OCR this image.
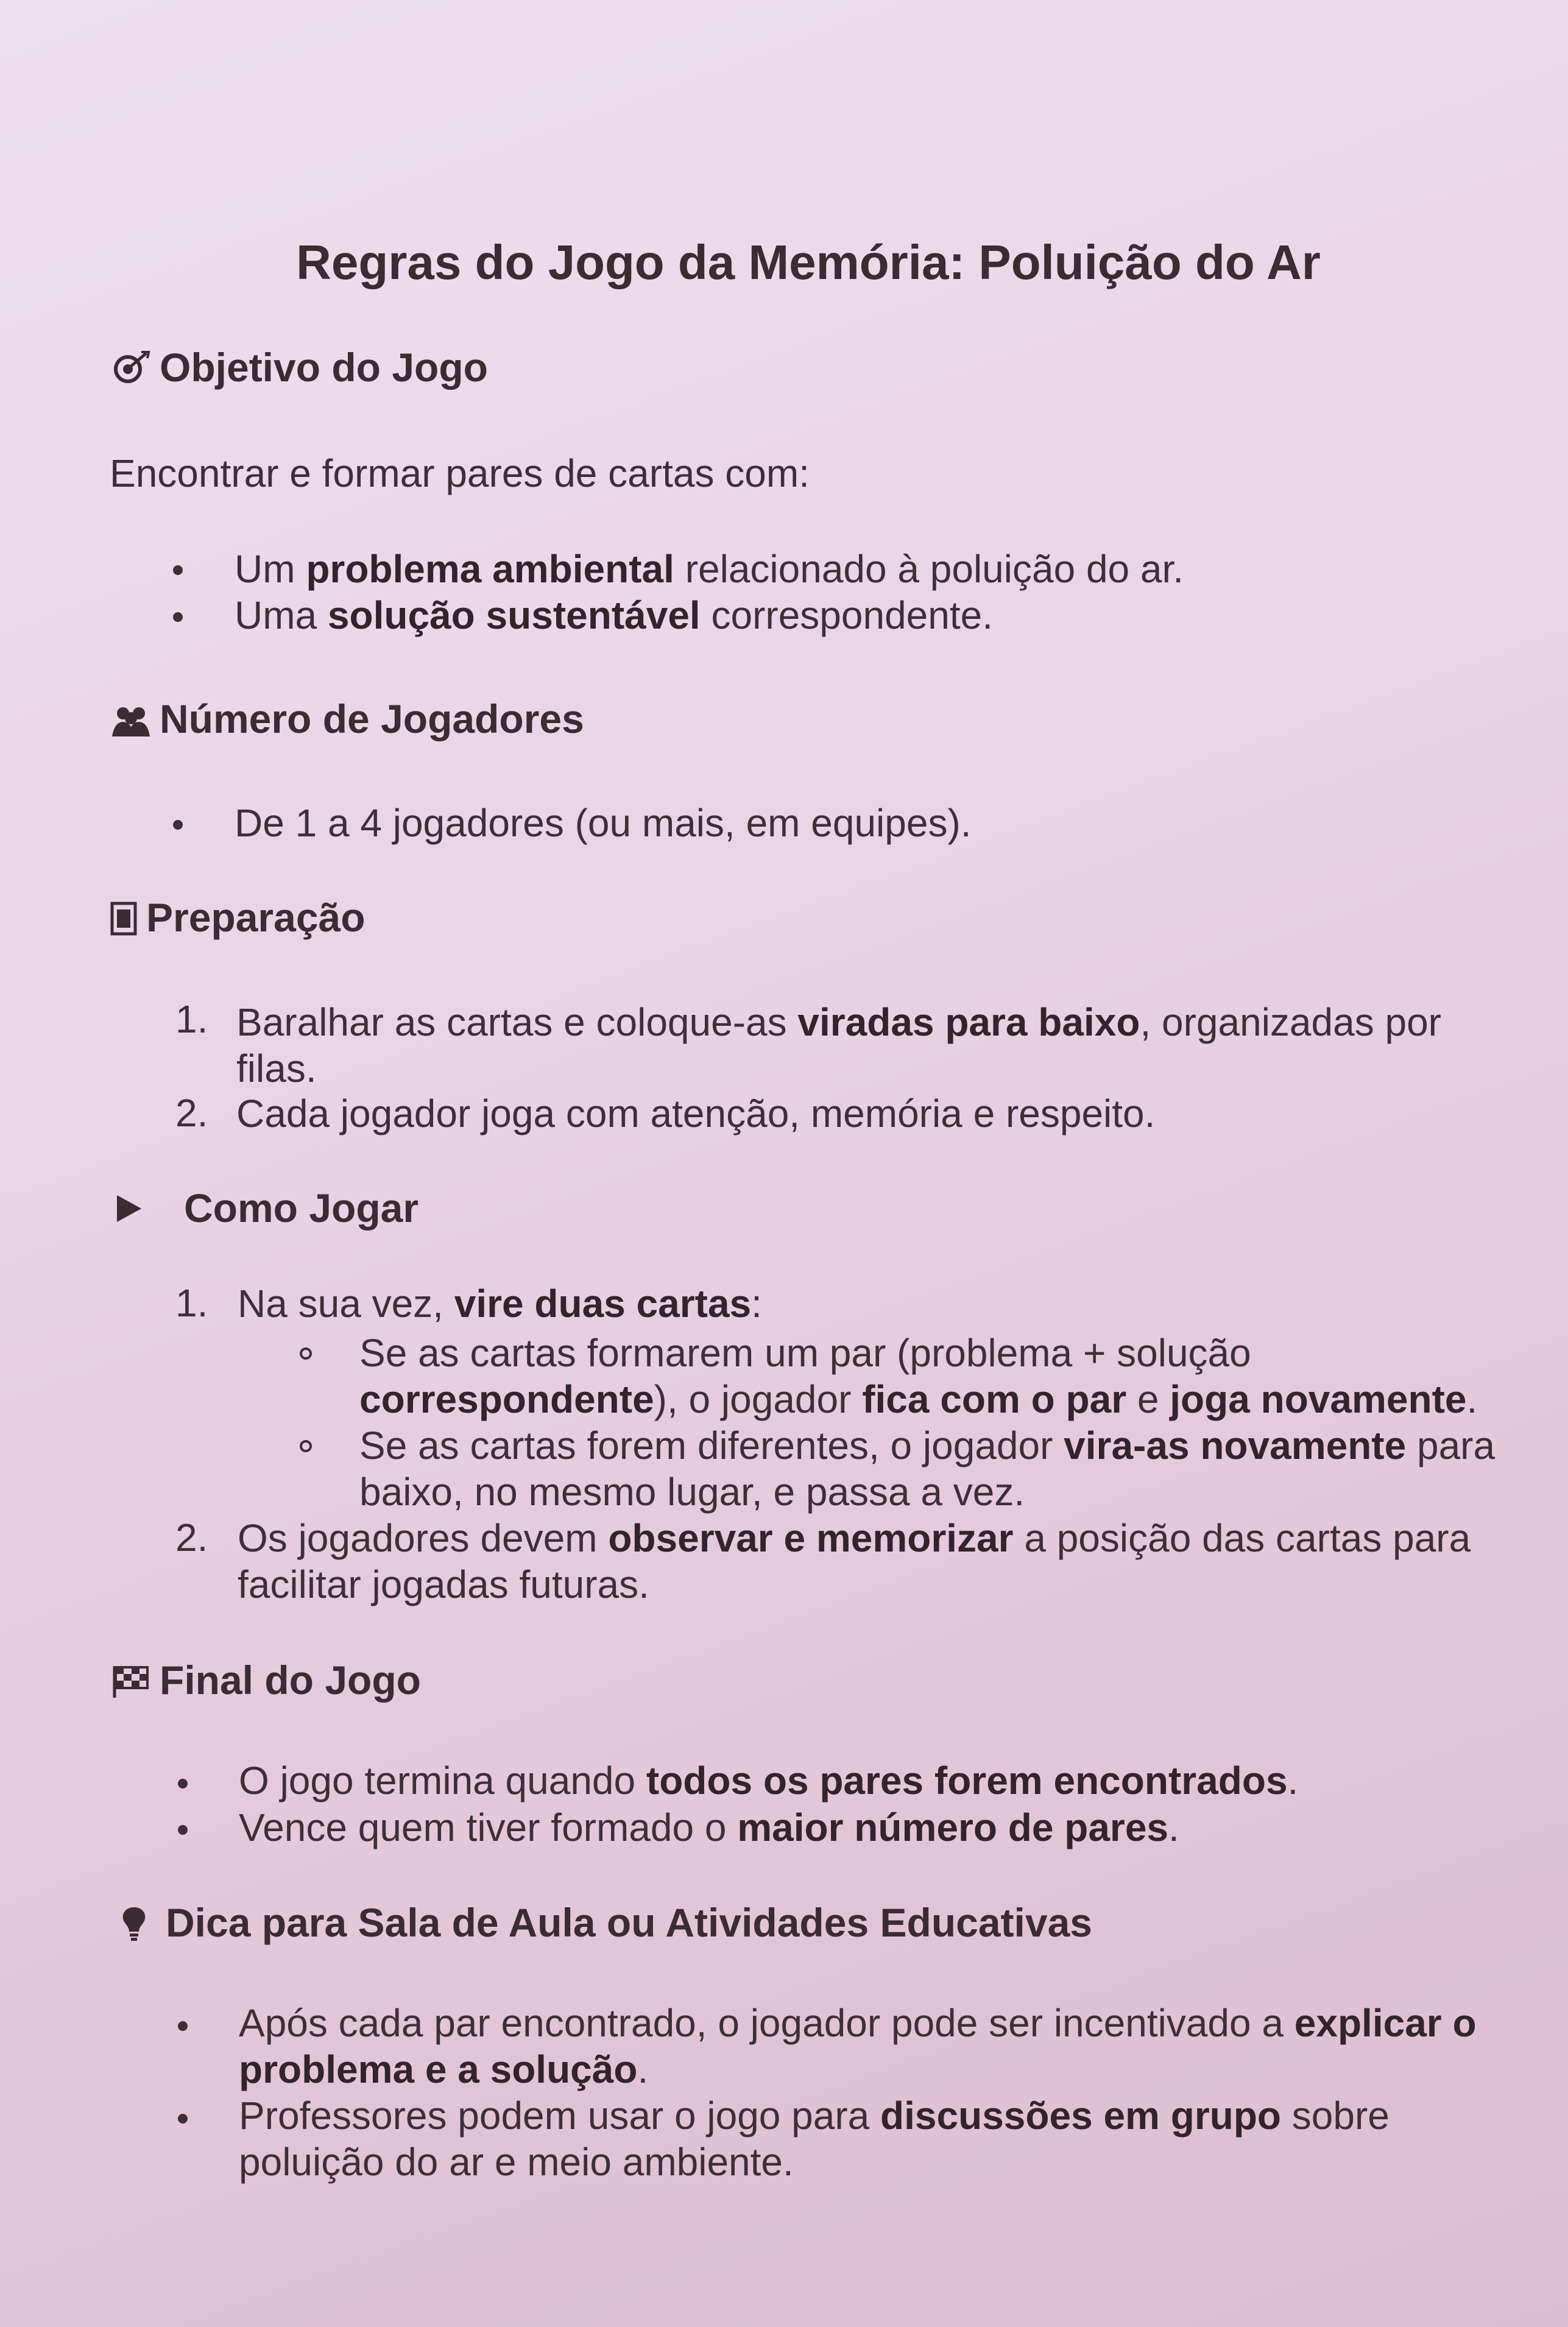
Regras do Jogo da Memória: Poluição do Ar
Objetivo do Jogo

Encontrar e formar pares de cartas com:

Um problema ambiental relacionado à poluição do ar.
Uma solução sustentável correspondente.
Número de Jogadores
De 1 a 4 jogadores (ou mais, em equipes).
Preparação
1. Baralhar as cartas e coloque-as viradas para baixo, organizadas por
filas.
2. Cada jogador joga com atenção, memória e respeito.
Como Jogar
1. Na sua vez, vire duas cartas:
Se as cartas formarem um par (problema + solução
correspondente), o jogador fica com o par e joga novamente.
Se as cartas forem diferentes, o jogador vira-as novamente para
baixo, no mesmo lugar, e passa a vez.
2. Os jogadores devem observar e memorizar a posição das cartas para
facilitar jogadas futuras.
Final do Jogo
O jogo termina quando todos os pares forem encontrados.
Vence quem tiver formado o maior número de pares.
Dica para Sala de Aula ou Atividades Educativas
Após cada par encontrado, o jogador pode ser incentivado a explicar o
problema e a solução.
Professores podem usar o jogo para discussões em grupo sobre
poluição do ar e meio ambiente.
